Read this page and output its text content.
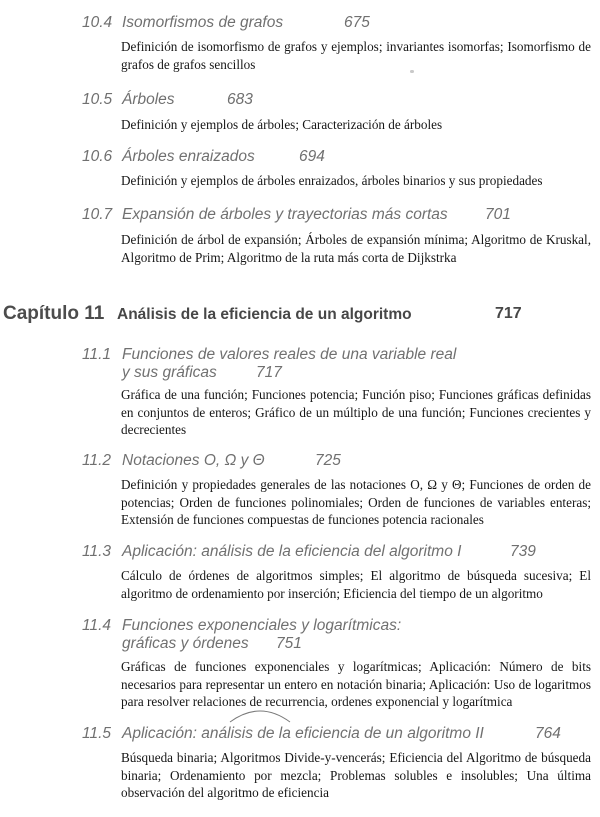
10.4 Isomorfismos de grafos	675
Definición de isomorfismo de grafos y ejemplos; invariantes isomorfas; Isomorfismo de grafos de grafos sencillos
10.5 Árboles	683
Definición y ejemplos de árboles; Caracterización de árboles
10.6 Árboles enraizados	694
Definición y ejemplos de árboles enraizados, árboles binarios y sus propiedades
10.7 Expansión de árboles y trayectorias más cortas 701
Definición de árbol de expansión; Árboles de expansión mínima; Algoritmo de Kruskal, Algoritmo de Prim; Algoritmo de la ruta más corta de Dijkstrka
Capítulo 11 Análisis de la eficiencia de un algoritmo	717
11.1 Funciones de valores reales de una variable real
y sus gráficas	717
Gráfica de una función; Funciones potencia; Función piso; Funciones gráficas definidas en conjuntos de enteros; Gráfico de un múltiplo de una función; Funciones crecientes y decrecientes
11.2 Notaciones O, Ω y Θ	725
Definición y propiedades generales de las notaciones O, Ω y Θ; Funciones de orden de potencias; Orden de funciones polinomiales; Orden de funciones de variables enteras; Extensión de funciones compuestas de funciones potencia racionales
11.3 Aplicación: análisis de la eficiencia del algoritmo I	739
Cálculo de órdenes de algoritmos simples; El algoritmo de búsqueda sucesiva; El algoritmo de ordenamiento por inserción; Eficiencia del tiempo de un algoritmo
11.4 Funciones exponenciales y logarítmicas:
gráficas y órdenes 751
Gráficas de funciones exponenciales y logarítmicas; Aplicación: Número de bits necesarios para representar un entero en notación binaria; Aplicación: Uso de logaritmos para resolver relaciones de recurrencia, ordenes exponencial y logarítmica
11.5 Aplicación: análisis de la eficiencia de un algoritmo II	764
Búsqueda binaria; Algoritmos Divide-y-vencerás; Eficiencia del Algoritmo de búsqueda binaria; Ordenamiento por mezcla; Problemas solubles e insolubles; Una última observación del algoritmo de eficiencia
